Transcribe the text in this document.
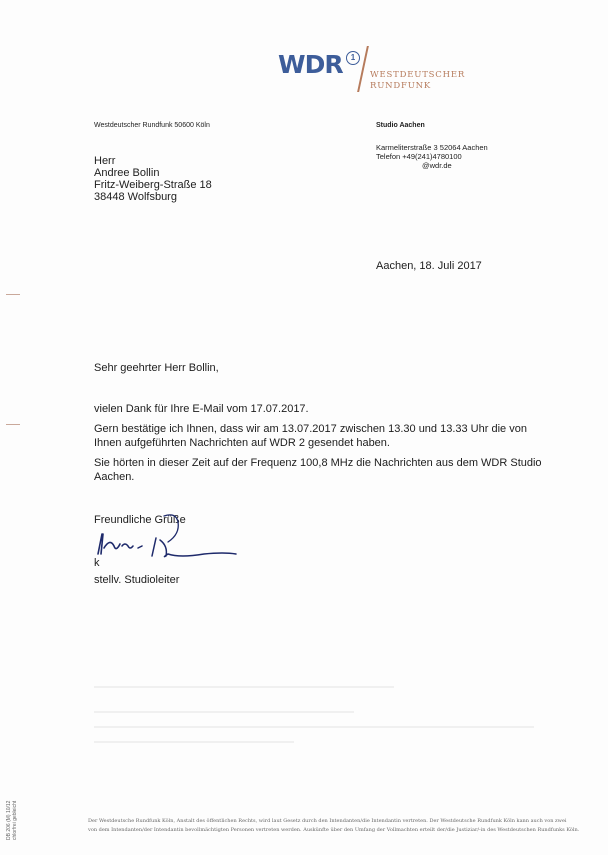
WDR	1
WESTDEUTSCHER
RUNDFUNK
Westdeutscher Rundfunk 50600 Köln	Studio Aachen
Karmeliterstraße 3 52064 Aachen
Telefon +49(241)4780100
@wdr.de
Herr
Andree Bollin
Fritz-Weiberg-Straße 18
38448 Wolfsburg
Aachen, 18. Juli 2017
Sehr geehrter Herr Bollin,

vielen Dank für Ihre E-Mail vom 17.07.2017.

Gern bestätige ich Ihnen, dass wir am 13.07.2017 zwischen 13.30 und 13.33 Uhr die von Ihnen aufgeführten Nachrichten auf WDR 2 gesendet haben.

Sie hörten in dieser Zeit auf der Frequenz 100,8 MHz die Nachrichten aus dem WDR Studio Aachen.

Freundliche Grüße
k
stellv. Studioleiter
DB 206 (M) 10/12 chlorfrei gebleicht	Der Westdeutsche Rundfunk Köln, Anstalt des öffentlichen Rechts, wird laut Gesetz durch den Intendanten/die Intendantin vertreten. Der Westdeutsche Rundfunk Köln kann auch von zwei
von dem Intendanten/der Intendantin bevollmächtigten Personen vertreten werden. Auskünfte über den Umfang der Vollmachten erteilt der/die Justiziar/-in des Westdeutschen Rundfunks Köln.
